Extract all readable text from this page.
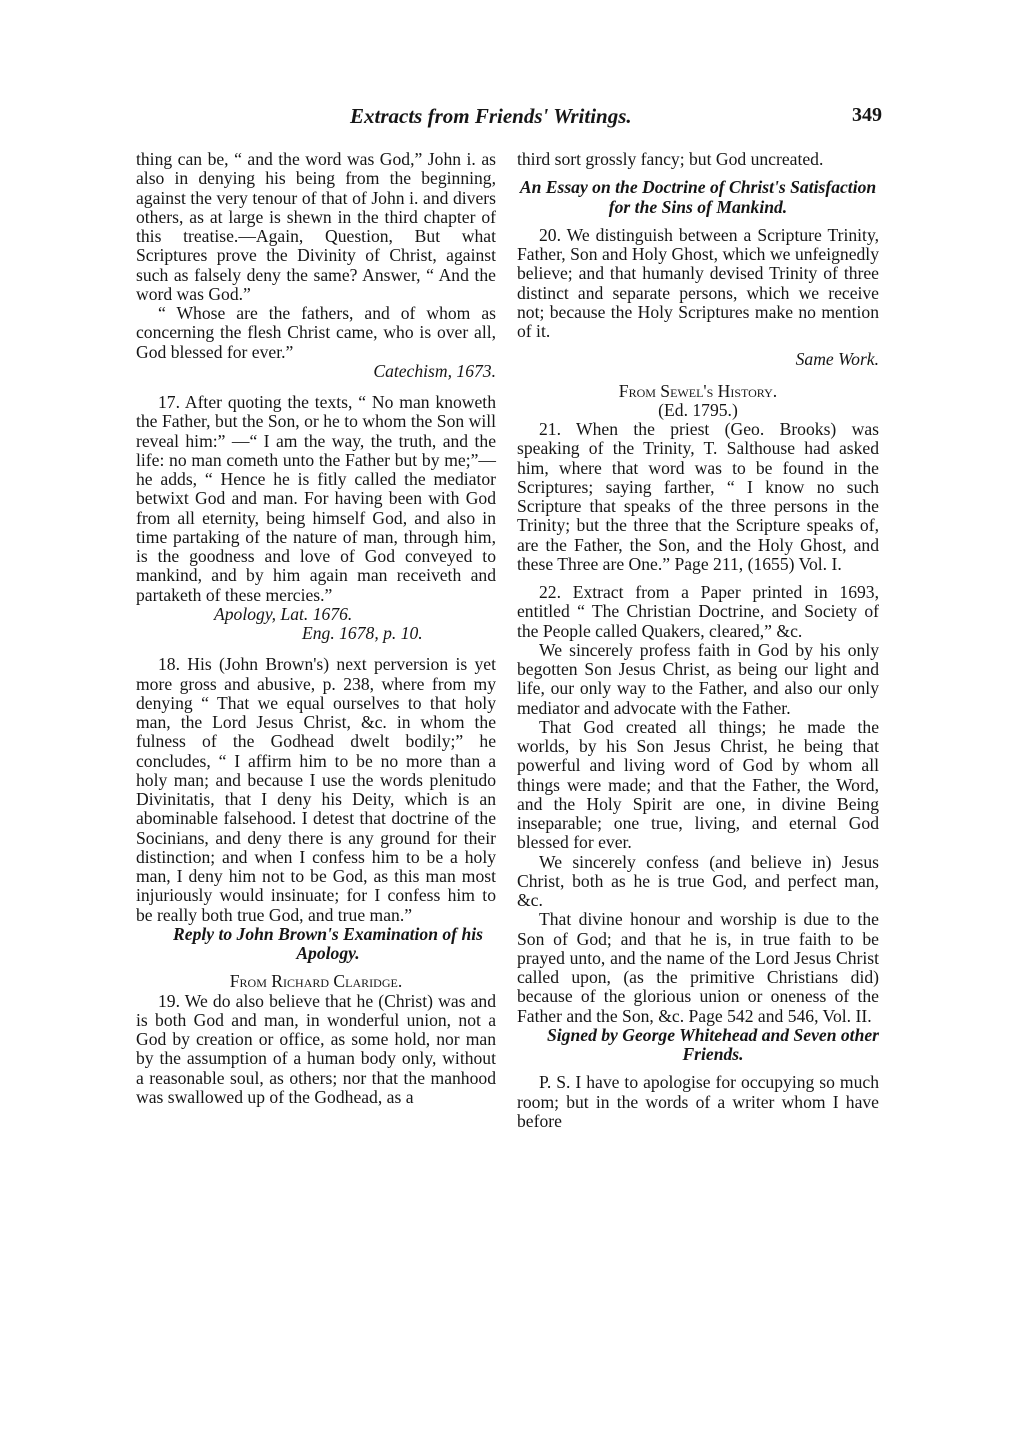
Extracts from Friends' Writings.	349

thing can be, “ and the word was God,” John i. as also in denying his being from the beginning, against the very tenour of that of John i. and divers others, as at large is shewn in the third chapter of this treatise.—Again, Question, But what Scriptures prove the Divinity of Christ, against such as falsely deny the same? Answer, “ And the word was God.”

“ Whose are the fathers, and of whom as concerning the flesh Christ came, who is over all, God blessed for ever.”

Catechism, 1673.

17. After quoting the texts, “ No man knoweth the Father, but the Son, or he to whom the Son will reveal him:” —“ I am the way, the truth, and the life: no man cometh unto the Father but by me;”—he adds, “ Hence he is fitly called the mediator betwixt God and man. For having been with God from all eternity, being himself God, and also in time partaking of the nature of man, through him, is the goodness and love of God conveyed to mankind, and by him again man receiveth and partaketh of these mercies.”

Apology, Lat. 1676.

Eng. 1678, p. 10.

18. His (John Brown's) next perversion is yet more gross and abusive, p. 238, where from my denying “ That we equal ourselves to that holy man, the Lord Jesus Christ, &c. in whom the fulness of the Godhead dwelt bodily;” he concludes, “ I affirm him to be no more than a holy man; and because I use the words plenitudo Divinitatis, that I deny his Deity, which is an abominable falsehood. I detest that doctrine of the Socinians, and deny there is any ground for their distinction; and when I confess him to be a holy man, I deny him not to be God, as this man most injuriously would insinuate; for I confess him to be really both true God, and true man.”

Reply to John Brown's Examination of his Apology.

From Richard Claridge.

19. We do also believe that he (Christ) was and is both God and man, in wonderful union, not a God by creation or office, as some hold, nor man by the assumption of a human body only, without a reasonable soul, as others; nor that the manhood was swallowed up of the Godhead, as a

third sort grossly fancy; but God uncreated.

An Essay on the Doctrine of Christ's Satisfaction for the Sins of Mankind.

20. We distinguish between a Scripture Trinity, Father, Son and Holy Ghost, which we unfeignedly believe; and that humanly devised Trinity of three distinct and separate persons, which we receive not; because the Holy Scriptures make no mention of it.

Same Work.

From Sewel's History.

(Ed. 1795.)

21. When the priest (Geo. Brooks) was speaking of the Trinity, T. Salthouse had asked him, where that word was to be found in the Scriptures; saying farther, “ I know no such Scripture that speaks of the three persons in the Trinity; but the three that the Scripture speaks of, are the Father, the Son, and the Holy Ghost, and these Three are One.” Page 211, (1655) Vol. I.

22. Extract from a Paper printed in 1693, entitled “ The Christian Doctrine, and Society of the People called Quakers, cleared,” &c.

We sincerely profess faith in God by his only begotten Son Jesus Christ, as being our light and life, our only way to the Father, and also our only mediator and advocate with the Father.

That God created all things; he made the worlds, by his Son Jesus Christ, he being that powerful and living word of God by whom all things were made; and that the Father, the Word, and the Holy Spirit are one, in divine Being inseparable; one true, living, and eternal God blessed for ever.

We sincerely confess (and believe in) Jesus Christ, both as he is true God, and perfect man, &c.

That divine honour and worship is due to the Son of God; and that he is, in true faith to be prayed unto, and the name of the Lord Jesus Christ called upon, (as the primitive Christians did) because of the glorious union or oneness of the Father and the Son, &c. Page 542 and 546, Vol. II.

Signed by George Whitehead and Seven other Friends.

P. S. I have to apologise for occupying so much room; but in the words of a writer whom I have before
